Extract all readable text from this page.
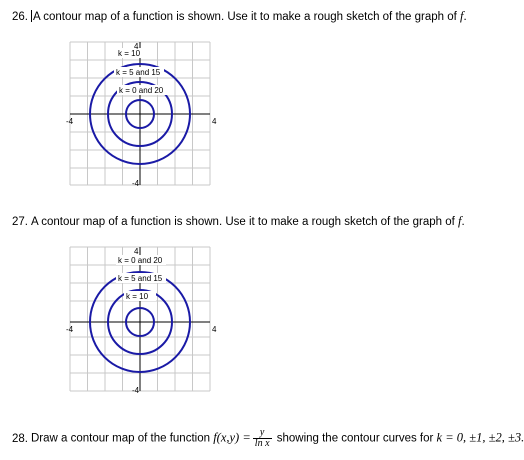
26. A contour map of a function is shown. Use it to make a rough sketch of the graph of f.
k = 10
k = 5 and 15
k = 0 and 20
-4	4
4
-4
27. A contour map of a function is shown. Use it to make a rough sketch of the graph of f.
k = 0 and 20
k = 5 and 15
k = 10
-4	4
4
-4
28. Draw a contour map of the function $f(x,y) = \frac{y}{\text{ln x}}$ showing the contour curves for k = 0, ±1, ±2, ±3.
